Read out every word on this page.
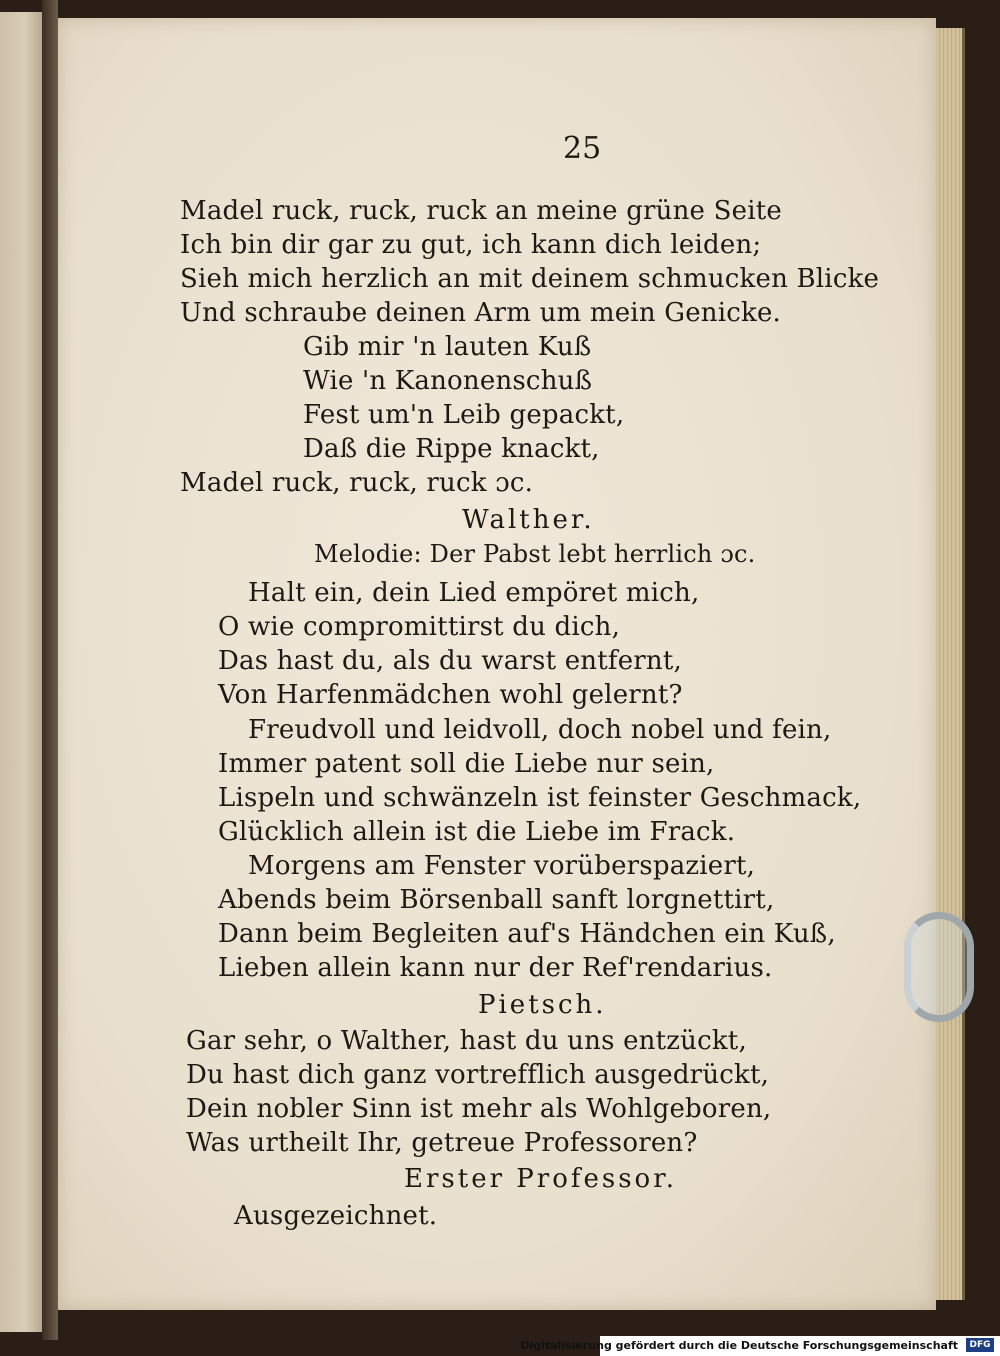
25
Madel ruck, ruck, ruck an meine grüne Seite
Ich bin dir gar zu gut, ich kann dich leiden;
Sieh mich herzlich an mit deinem schmucken Blicke
Und schraube deinen Arm um mein Genicke.
Gib mir 'n lauten Kuß
Wie 'n Kanonenschuß
Fest um'n Leib gepackt,
Daß die Rippe knackt,
Madel ruck, ruck, ruck ɔc.
Walther.
Melodie: Der Pabst lebt herrlich ɔc.
Halt ein, dein Lied empöret mich,
O wie compromittirst du dich,
Das hast du, als du warst entfernt,
Von Harfenmädchen wohl gelernt?
Freudvoll und leidvoll, doch nobel und fein,
Immer patent soll die Liebe nur sein,
Lispeln und schwänzeln ist feinster Geschmack,
Glücklich allein ist die Liebe im Frack.
Morgens am Fenster vorüberspaziert,
Abends beim Börsenball sanft lorgnettirt,
Dann beim Begleiten auf's Händchen ein Kuß,
Lieben allein kann nur der Ref'rendarius.
Pietsch.
Gar sehr, o Walther, hast du uns entzückt,
Du hast dich ganz vortrefflich ausgedrückt,
Dein nobler Sinn ist mehr als Wohlgeboren,
Was urtheilt Ihr, getreue Professoren?
Erster Professor.
Ausgezeichnet.
Digitalisierung gefördert durch die Deutsche Forschungsgemeinschaft	DFG
